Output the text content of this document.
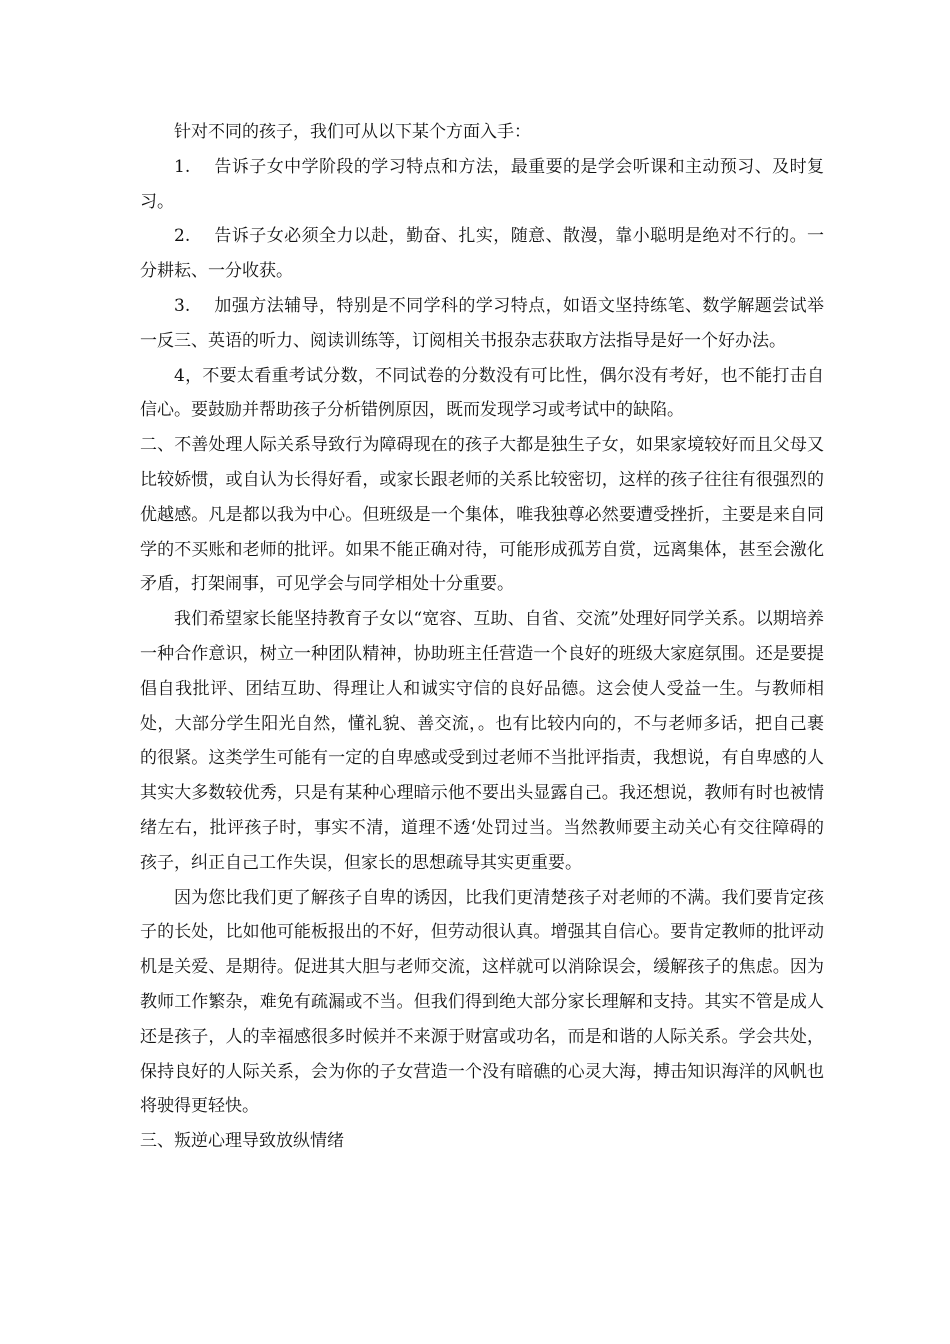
针对不同的孩子，我们可从以下某个方面入手：

1. 告诉子女中学阶段的学习特点和方法，最重要的是学会听课和主动预习、及时复习。

2. 告诉子女必须全力以赴，勤奋、扎实，随意、散漫，靠小聪明是绝对不行的。一分耕耘、一分收获。

3. 加强方法辅导，特别是不同学科的学习特点，如语文坚持练笔、数学解题尝试举一反三、英语的听力、阅读训练等，订阅相关书报杂志获取方法指导是好一个好办法。

4，不要太看重考试分数，不同试卷的分数没有可比性，偶尔没有考好，也不能打击自信心。要鼓励并帮助孩子分析错例原因，既而发现学习或考试中的缺陷。

二、不善处理人际关系导致行为障碍现在的孩子大都是独生子女，如果家境较好而且父母又比较娇惯，或自认为长得好看，或家长跟老师的关系比较密切，这样的孩子往往有很强烈的优越感。凡是都以我为中心。但班级是一个集体，唯我独尊必然要遭受挫折，主要是来自同学的不买账和老师的批评。如果不能正确对待，可能形成孤芳自赏，远离集体，甚至会激化矛盾，打架闹事，可见学会与同学相处十分重要。

我们希望家长能坚持教育子女以“宽容、互助、自省、交流”处理好同学关系。以期培养一种合作意识，树立一种团队精神，协助班主任营造一个良好的班级大家庭氛围。还是要提倡自我批评、团结互助、得理让人和诚实守信的良好品德。这会使人受益一生。与教师相处，大部分学生阳光自然，懂礼貌、善交流，。也有比较内向的，不与老师多话，把自己裹的很紧。这类学生可能有一定的自卑感或受到过老师不当批评指责，我想说，有自卑感的人其实大多数较优秀，只是有某种心理暗示他不要出头显露自己。我还想说，教师有时也被情绪左右，批评孩子时，事实不清，道理不透‘处罚过当。当然教师要主动关心有交往障碍的孩子，纠正自己工作失误，但家长的思想疏导其实更重要。

因为您比我们更了解孩子自卑的诱因，比我们更清楚孩子对老师的不满。我们要肯定孩子的长处，比如他可能板报出的不好，但劳动很认真。增强其自信心。要肯定教师的批评动机是关爱、是期待。促进其大胆与老师交流，这样就可以消除误会，缓解孩子的焦虑。因为教师工作繁杂，难免有疏漏或不当。但我们得到绝大部分家长理解和支持。其实不管是成人还是孩子，人的幸福感很多时候并不来源于财富或功名，而是和谐的人际关系。学会共处，保持良好的人际关系，会为你的子女营造一个没有暗礁的心灵大海，搏击知识海洋的风帆也将驶得更轻快。

三、叛逆心理导致放纵情绪
